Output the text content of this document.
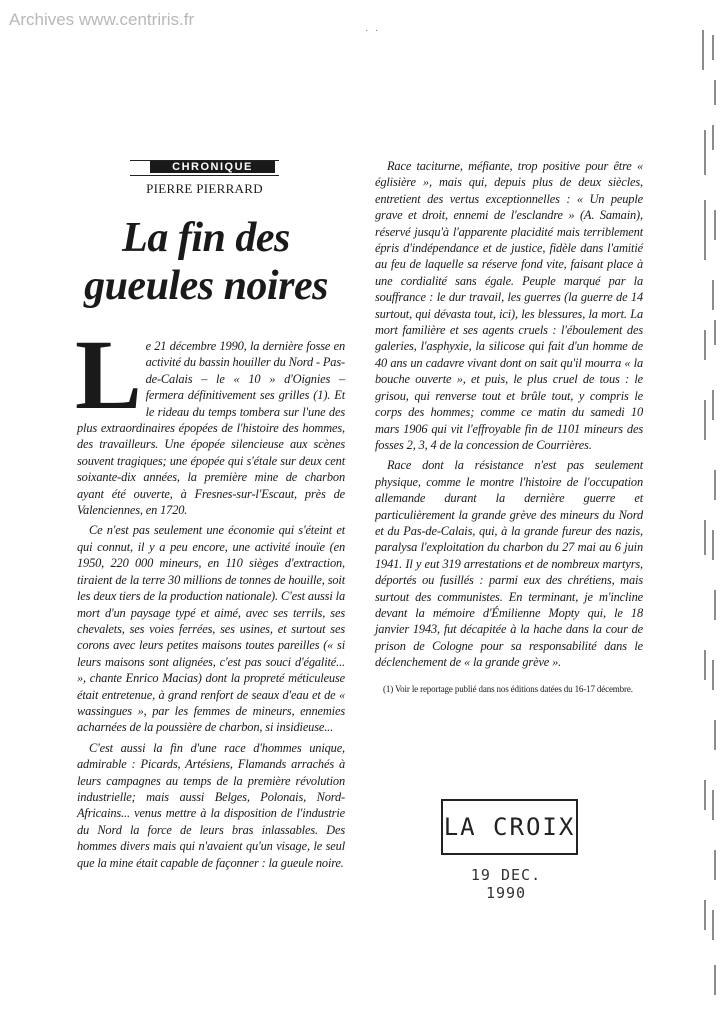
Archives www.centriris.fr
· ·
CHRONIQUE
PIERRE PIERRARD
La fin des
gueules noires

Le 21 décembre 1990, la dernière fosse en activité du bassin houiller du Nord - Pas-de-Calais – le « 10 » d'Oignies – fermera définitivement ses grilles (1). Et le rideau du temps tombera sur l'une des plus extraordinaires épopées de l'histoire des hommes, des travailleurs. Une épopée silencieuse aux scènes souvent tragiques; une épopée qui s'étale sur deux cent soixante-dix années, la première mine de charbon ayant été ouverte, à Fresnes-sur-l'Escaut, près de Valenciennes, en 1720.

Ce n'est pas seulement une économie qui s'éteint et qui connut, il y a peu encore, une activité inouïe (en 1950, 220 000 mineurs, en 110 sièges d'extraction, tiraient de la terre 30 millions de tonnes de houille, soit les deux tiers de la production nationale). C'est aussi la mort d'un paysage typé et aimé, avec ses terrils, ses chevalets, ses voies ferrées, ses usines, et surtout ses corons avec leurs petites maisons toutes pareilles (« si leurs maisons sont alignées, c'est pas souci d'égalité... », chante Enrico Macias) dont la propreté méticuleuse était entretenue, à grand renfort de seaux d'eau et de « wassingues », par les femmes de mineurs, ennemies acharnées de la poussière de charbon, si insidieuse...

C'est aussi la fin d'une race d'hommes unique, admirable : Picards, Artésiens, Flamands arrachés à leurs campagnes au temps de la première révolution industrielle; mais aussi Belges, Polonais, Nord-Africains... venus mettre à la disposition de l'industrie du Nord la force de leurs bras inlassables. Des hommes divers mais qui n'avaient qu'un visage, le seul que la mine était capable de façonner : la gueule noire.

Race taciturne, méfiante, trop positive pour être « églisière », mais qui, depuis plus de deux siècles, entretient des vertus exceptionnelles : « Un peuple grave et droit, ennemi de l'esclandre » (A. Samain), réservé jusqu'à l'apparente placidité mais terriblement épris d'indépendance et de justice, fidèle dans l'amitié au feu de laquelle sa réserve fond vite, faisant place à une cordialité sans égale. Peuple marqué par la souffrance : le dur travail, les guerres (la guerre de 14 surtout, qui dévasta tout, ici), les blessures, la mort. La mort familière et ses agents cruels : l'éboulement des galeries, l'asphyxie, la silicose qui fait d'un homme de 40 ans un cadavre vivant dont on sait qu'il mourra « la bouche ouverte », et puis, le plus cruel de tous : le grisou, qui renverse tout et brûle tout, y compris le corps des hommes; comme ce matin du samedi 10 mars 1906 qui vit l'effroyable fin de 1101 mineurs des fosses 2, 3, 4 de la concession de Courrières.

Race dont la résistance n'est pas seulement physique, comme le montre l'histoire de l'occupation allemande durant la dernière guerre et particulièrement la grande grève des mineurs du Nord et du Pas-de-Calais, qui, à la grande fureur des nazis, paralysa l'exploitation du charbon du 27 mai au 6 juin 1941. Il y eut 319 arrestations et de nombreux martyrs, déportés ou fusillés : parmi eux des chrétiens, mais surtout des communistes. En terminant, je m'incline devant la mémoire d'Émilienne Mopty qui, le 18 janvier 1943, fut décapitée à la hache dans la cour de prison de Cologne pour sa responsabilité dans le déclenchement de « la grande grève ».

(1) Voir le reportage publié dans nos éditions datées du 16-17 décembre.
LA CROIX
19 DEC. 1990
